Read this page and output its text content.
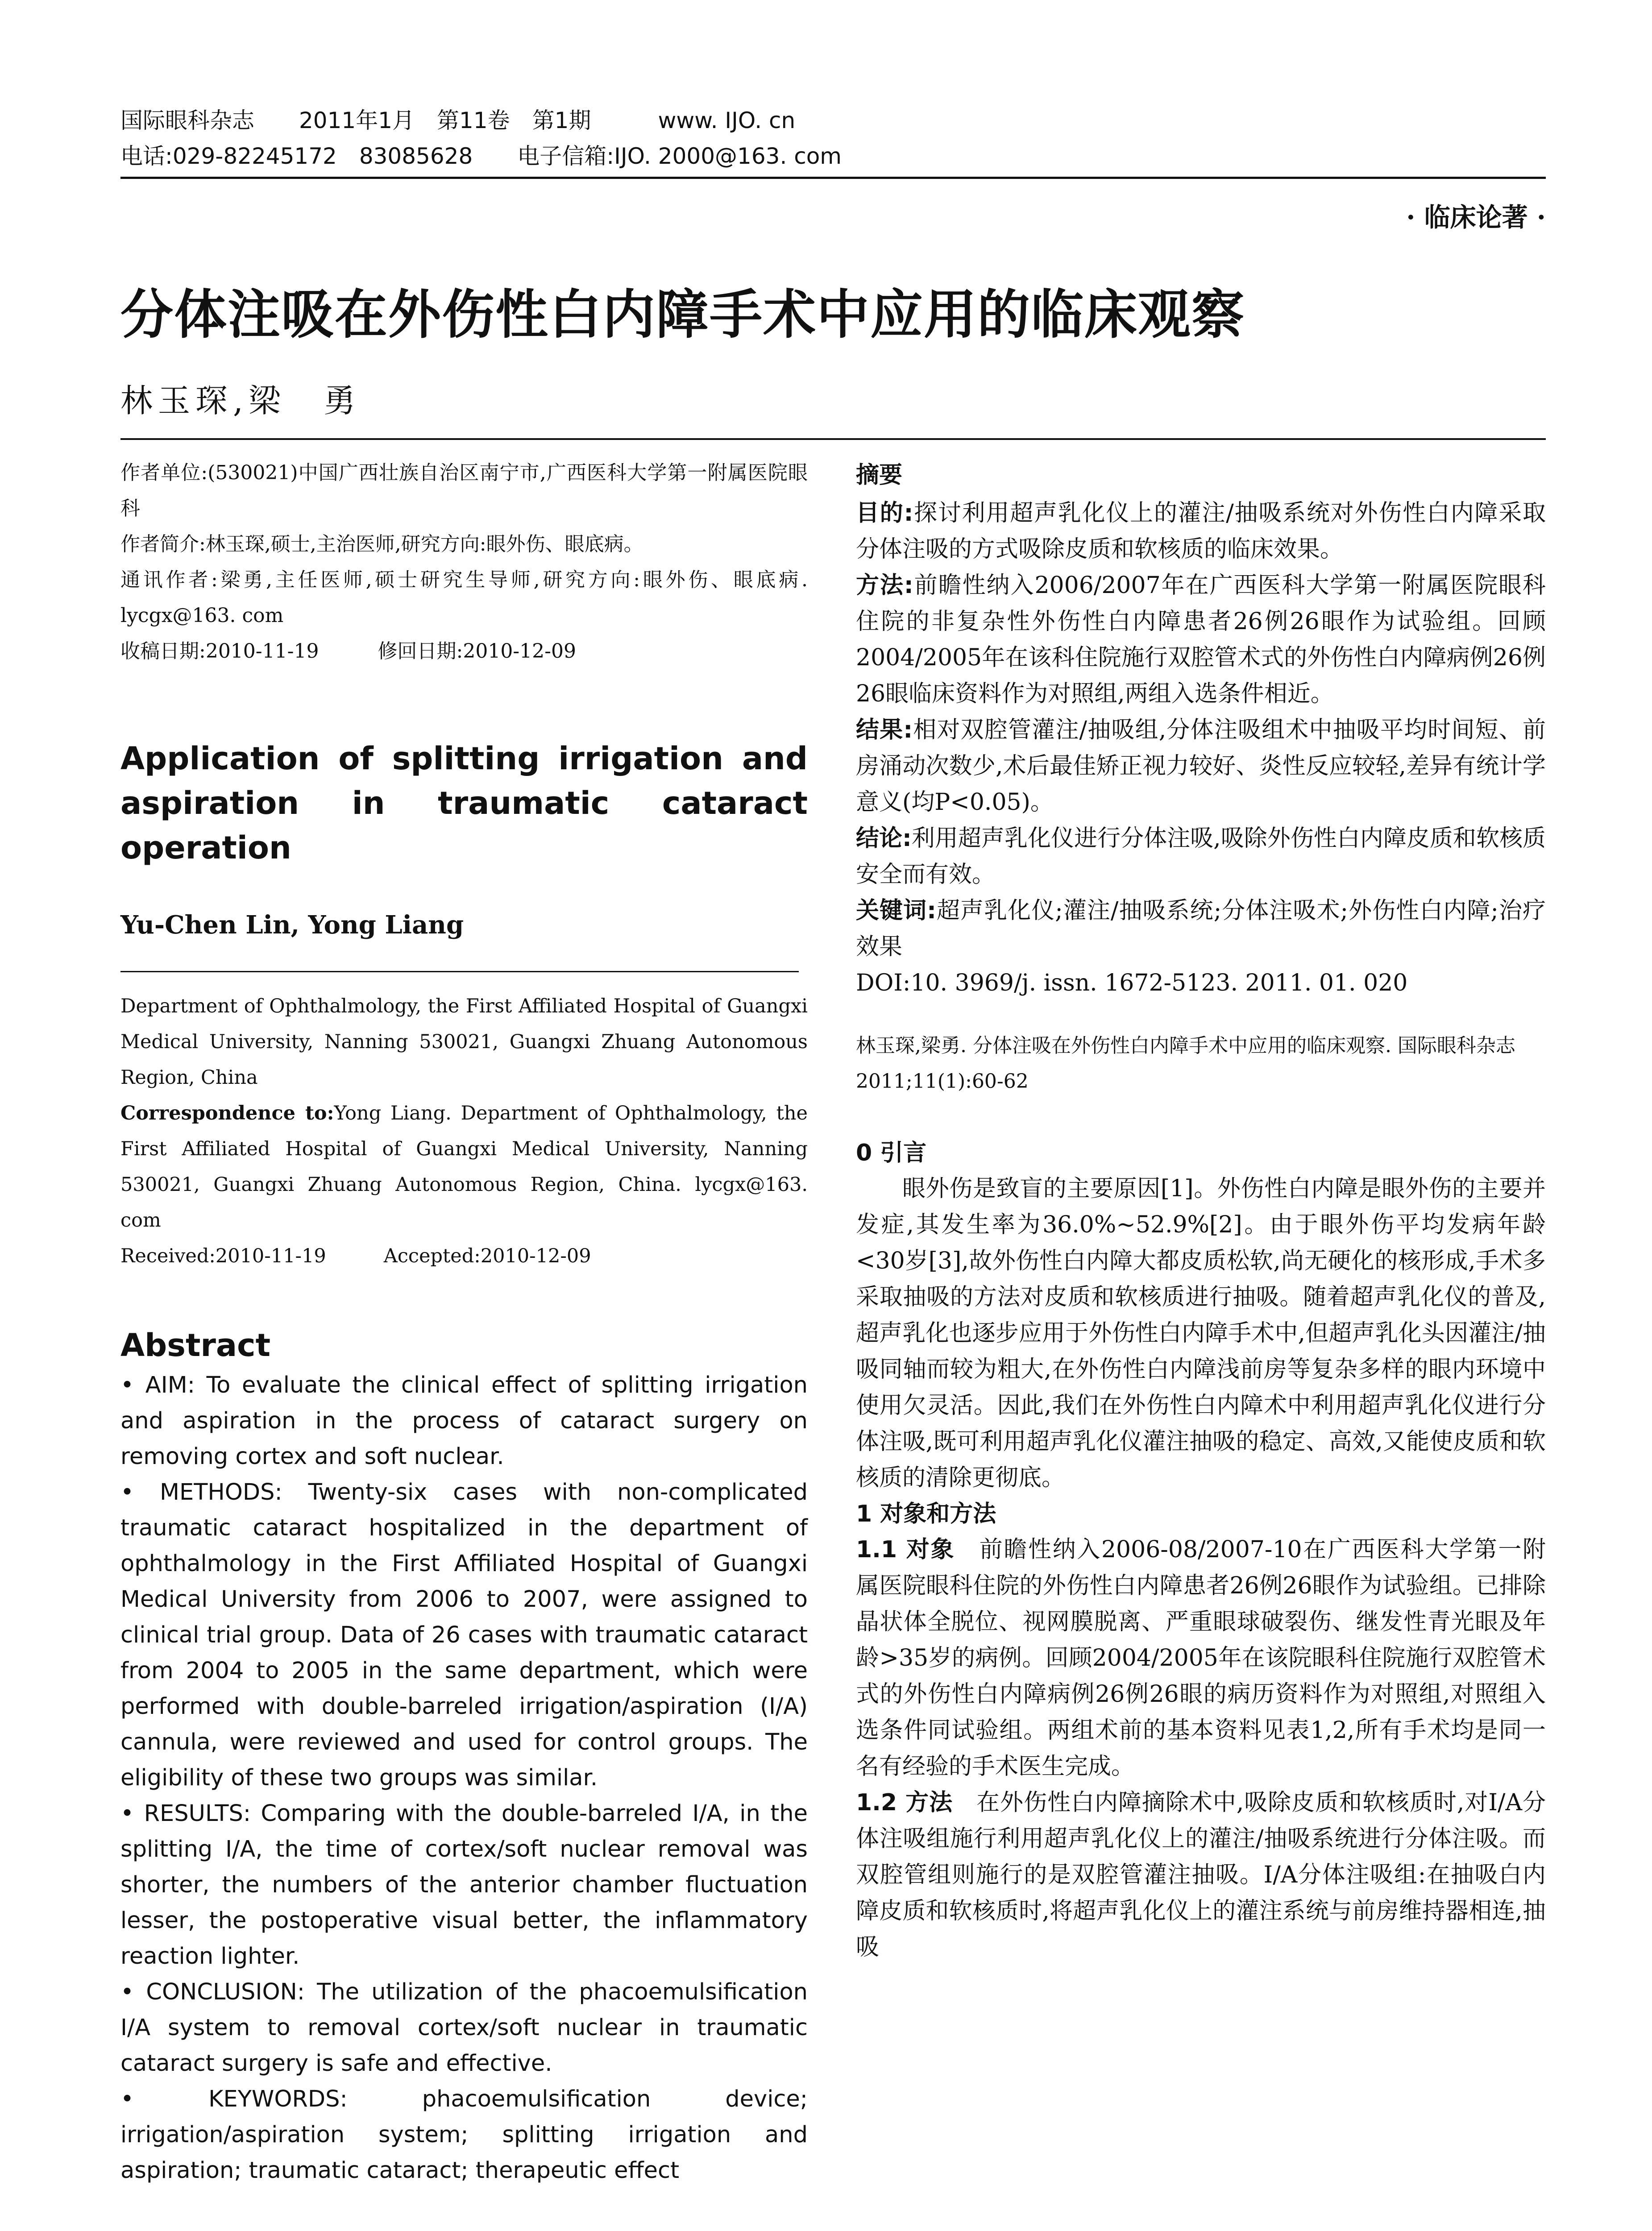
国际眼科杂志　　2011年1月　第11卷　第1期　　　www. IJO. cn
电话:029-82245172　83085628　　电子信箱:IJO. 2000@163. com
· 临床论著 ·
分体注吸在外伤性白内障手术中应用的临床观察
林玉琛,梁　勇

作者单位:(530021)中国广西壮族自治区南宁市,广西医科大学第一附属医院眼科

作者简介:林玉琛,硕士,主治医师,研究方向:眼外伤、眼底病。

通讯作者:梁勇,主任医师,硕士研究生导师,研究方向:眼外伤、眼底病. lycgx@163. com

收稿日期:2010-11-19　　　修回日期:2010-12-09

Application of splitting irrigation and aspiration in traumatic cataract operation
Yu-Chen Lin, Yong Liang

Department of Ophthalmology, the First Affiliated Hospital of Guangxi Medical University, Nanning 530021, Guangxi Zhuang Autonomous Region, China

Correspondence to:Yong Liang. Department of Ophthalmology, the First Affiliated Hospital of Guangxi Medical University, Nanning 530021, Guangxi Zhuang Autonomous Region, China. lycgx@163. com

Received:2010-11-19　　　Accepted:2010-12-09

Abstract

• AIM: To evaluate the clinical effect of splitting irrigation and aspiration in the process of cataract surgery on removing cortex and soft nuclear.

• METHODS: Twenty-six cases with non-complicated traumatic cataract hospitalized in the department of ophthalmology in the First Affiliated Hospital of Guangxi Medical University from 2006 to 2007, were assigned to clinical trial group. Data of 26 cases with traumatic cataract from 2004 to 2005 in the same department, which were performed with double-barreled irrigation/aspiration (I/A) cannula, were reviewed and used for control groups. The eligibility of these two groups was similar.

• RESULTS: Comparing with the double-barreled I/A, in the splitting I/A, the time of cortex/soft nuclear removal was shorter, the numbers of the anterior chamber fluctuation lesser, the postoperative visual better, the inflammatory reaction lighter.

• CONCLUSION: The utilization of the phacoemulsification I/A system to removal cortex/soft nuclear in traumatic cataract surgery is safe and effective.

• KEYWORDS: phacoemulsification device; irrigation/aspiration system; splitting irrigation and aspiration; traumatic cataract; therapeutic effect

摘要

目的:探讨利用超声乳化仪上的灌注/抽吸系统对外伤性白内障采取分体注吸的方式吸除皮质和软核质的临床效果。

方法:前瞻性纳入2006/2007年在广西医科大学第一附属医院眼科住院的非复杂性外伤性白内障患者26例26眼作为试验组。回顾2004/2005年在该科住院施行双腔管术式的外伤性白内障病例26例26眼临床资料作为对照组,两组入选条件相近。

结果:相对双腔管灌注/抽吸组,分体注吸组术中抽吸平均时间短、前房涌动次数少,术后最佳矫正视力较好、炎性反应较轻,差异有统计学意义(均P<0.05)。

结论:利用超声乳化仪进行分体注吸,吸除外伤性白内障皮质和软核质安全而有效。

关键词:超声乳化仪;灌注/抽吸系统;分体注吸术;外伤性白内障;治疗效果

DOI:10. 3969/j. issn. 1672-5123. 2011. 01. 020

林玉琛,梁勇. 分体注吸在外伤性白内障手术中应用的临床观察. 国际眼科杂志 2011;11(1):60-62
0 引言

眼外伤是致盲的主要原因[1]。外伤性白内障是眼外伤的主要并发症,其发生率为36.0%~52.9%[2]。由于眼外伤平均发病年龄<30岁[3],故外伤性白内障大都皮质松软,尚无硬化的核形成,手术多采取抽吸的方法对皮质和软核质进行抽吸。随着超声乳化仪的普及,超声乳化也逐步应用于外伤性白内障手术中,但超声乳化头因灌注/抽吸同轴而较为粗大,在外伤性白内障浅前房等复杂多样的眼内环境中使用欠灵活。因此,我们在外伤性白内障术中利用超声乳化仪进行分体注吸,既可利用超声乳化仪灌注抽吸的稳定、高效,又能使皮质和软核质的清除更彻底。

1 对象和方法

1.1 对象　 前瞻性纳入2006-08/2007-10在广西医科大学第一附属医院眼科住院的外伤性白内障患者26例26眼作为试验组。已排除晶状体全脱位、视网膜脱离、严重眼球破裂伤、继发性青光眼及年龄>35岁的病例。回顾2004/2005年在该院眼科住院施行双腔管术式的外伤性白内障病例26例26眼的病历资料作为对照组,对照组入选条件同试验组。两组术前的基本资料见表1,2,所有手术均是同一名有经验的手术医生完成。

1.2 方法　 在外伤性白内障摘除术中,吸除皮质和软核质时,对I/A分体注吸组施行利用超声乳化仪上的灌注/抽吸系统进行分体注吸。而双腔管组则施行的是双腔管灌注抽吸。I/A分体注吸组:在抽吸白内障皮质和软核质时,将超声乳化仪上的灌注系统与前房维持器相连,抽吸
